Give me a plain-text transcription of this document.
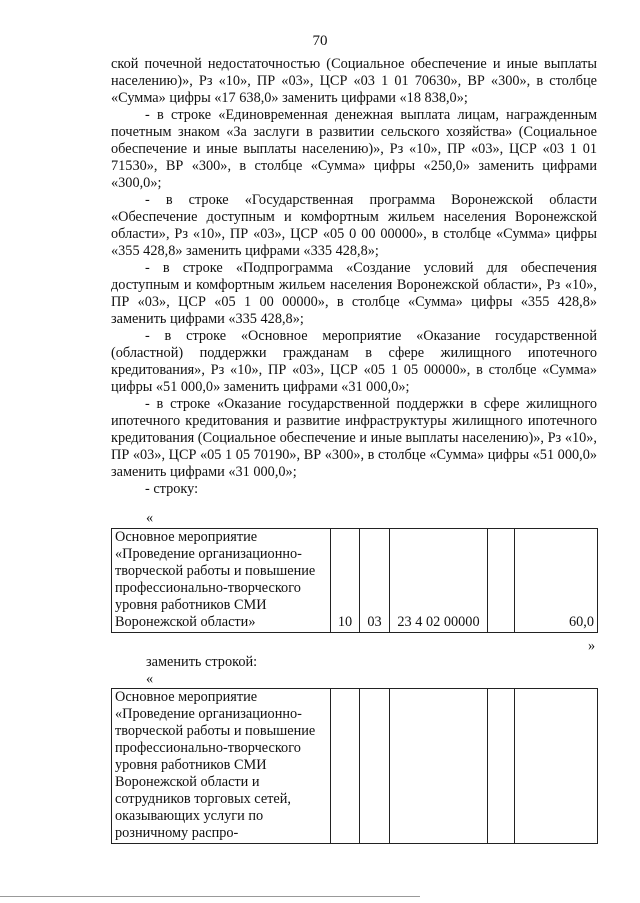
70

ской почечной недостаточностью (Социальное обеспечение и иные выплаты населению)», Рз «10», ПР «03», ЦСР «03 1 01 70630», ВР «300», в столбце «Сумма» цифры «17 638,0» заменить цифрами «18 838,0»;

- в строке «Единовременная денежная выплата лицам, награжденным почетным знаком «За заслуги в развитии сельского хозяйства» (Социальное обеспечение и иные выплаты населению)», Рз «10», ПР «03», ЦСР «03 1 01 71530», ВР «300», в столбце «Сумма» цифры «250,0» заменить цифрами «300,0»;

- в строке «Государственная программа Воронежской области «Обеспечение доступным и комфортным жильем населения Воронежской области», Рз «10», ПР «03», ЦСР «05 0 00 00000», в столбце «Сумма» цифры «355 428,8» заменить цифрами «335 428,8»;

- в строке «Подпрограмма «Создание условий для обеспечения доступным и комфортным жильем населения Воронежской области», Рз «10», ПР «03», ЦСР «05 1 00 00000», в столбце «Сумма» цифры «355 428,8» заменить цифрами «335 428,8»;

- в строке «Основное мероприятие «Оказание государственной (областной) поддержки гражданам в сфере жилищного ипотечного кредитования», Рз «10», ПР «03», ЦСР «05 1 05 00000», в столбце «Сумма» цифры «51 000,0» заменить цифрами «31 000,0»;

- в строке «Оказание государственной поддержки в сфере жилищного ипотечного кредитования и развитие инфраструктуры жилищного ипотечного кредитования (Социальное обеспечение и иные выплаты населению)», Рз «10», ПР «03», ЦСР «05 1 05 70190», ВР «300», в столбце «Сумма» цифры «51 000,0» заменить цифрами «31 000,0»;

- строку:

«
Основное мероприятие «Проведение организационно-творческой работы и повышение профессионально-творческого уровня работников СМИ Воронежской области»	10	03	23 4 02 00000		60,0
»
заменить строкой:
«
Основное мероприятие «Проведение организационно-творческой работы и повышение профессионально-творческого уровня работников СМИ Воронежской области и сотрудников торговых сетей, оказывающих услуги по розничному распро-					
